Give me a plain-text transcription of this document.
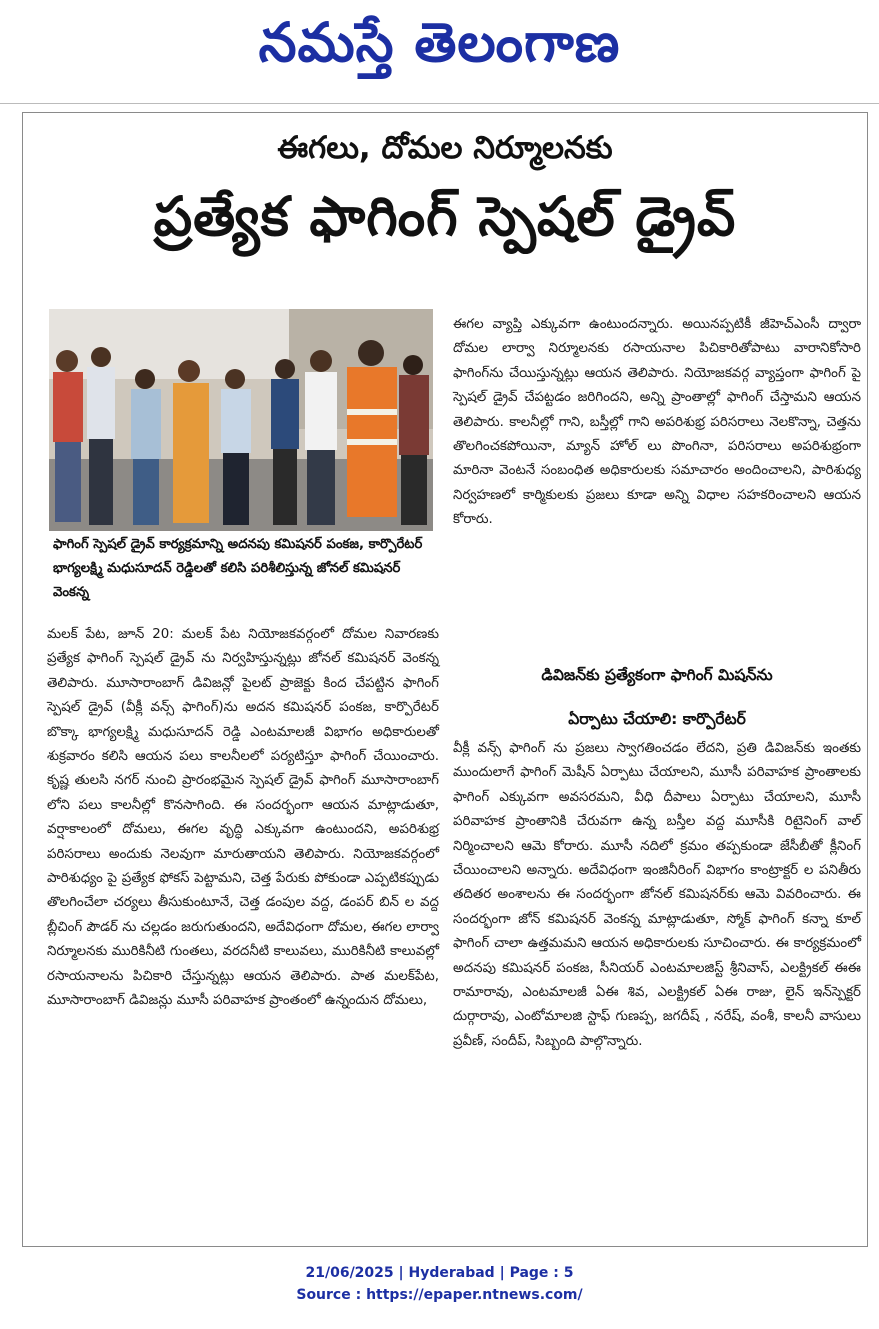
నమస్తే తెలంగాణ
ఈగలు, దోమల నిర్మూలనకు
ప్రత్యేక ఫాగింగ్ స్పెషల్ డ్రైవ్
ఫాగింగ్ స్పెషల్ డ్రైవ్ కార్యక్రమాన్ని అదనపు కమిషనర్ పంకజ, కార్పొరేటర్ భాగ్యలక్ష్మి మధుసూదన్ రెడ్డిలతో కలిసి పరిశీలిస్తున్న జోనల్ కమిషనర్ వెంకన్న

మలక్ పేట, జూన్ 20: మలక్ పేట నియోజకవర్గంలో దోమల నివారణకు ప్రత్యేక ఫాగింగ్ స్పెషల్ డ్రైవ్ ను నిర్వహిస్తున్నట్లు జోనల్ కమిషనర్ వెంకన్న తెలిపారు. మూసారాంబాగ్ డివిజన్లో పైలట్ ప్రాజెక్టు కింద చేపట్టిన ఫాగింగ్ స్పెషల్ డ్రైవ్ (వీక్లీ వన్స్ ఫాగింగ్)ను అదన కమిషనర్ పంకజ, కార్పొరేటర్ బొక్కా భాగ్యలక్ష్మి మధుసూదన్ రెడ్డి ఎంటమాలజీ విభాగం అధికారులతో శుక్రవారం కలిసి ఆయన పలు కాలనీలలో పర్యటిస్తూ ఫాగింగ్ చేయించారు. కృష్ణ తులసి నగర్ నుంచి ప్రారంభమైన స్పెషల్ డ్రైవ్ ఫాగింగ్ మూసారాంబాగ్ లోని పలు కాలనీల్లో కొనసాగింది. ఈ సందర్భంగా ఆయన మాట్లాడుతూ, వర్షాకాలంలో దోమలు, ఈగల వృద్ధి ఎక్కువగా ఉంటుందని, అపరిశుభ్ర పరిసరాలు అందుకు నెలవుగా మారుతాయని తెలిపారు. నియోజకవర్గంలో పారిశుధ్యం పై ప్రత్యేక ఫోకస్ పెట్టామని, చెత్త పేరుకు పోకుండా ఎప్పటికప్పుడు తొలగించేలా చర్యలు తీసుకుంటూనే, చెత్త డంపుల వద్ద, డంపర్ బిన్ ల వద్ద బ్లీచింగ్ పౌడర్ ను చల్లడం జరుగుతుందని, అదేవిధంగా దోమల, ఈగల లార్వా నిర్మూలనకు మురికినీటి గుంతలు, వరదనీటి కాలువలు, మురికినీటి కాలువల్లో రసాయనాలను పిచికారి చేస్తున్నట్లు ఆయన తెలిపారు. పాత మలక్‌పేట, మూసారాంబాగ్ డివిజన్లు మూసీ పరివాహక ప్రాంతంలో ఉన్నందున దోమలు,

ఈగల వ్యాప్తి ఎక్కువగా ఉంటుందన్నారు. అయినప్పటికీ జీహెచ్ఎంసీ ద్వారా దోమల లార్వా నిర్మూలనకు రసాయనాల పిచికారితోపాటు వారానికోసారి ఫాగింగ్‌ను చేయిస్తున్నట్లు ఆయన తెలిపారు. నియోజకవర్గ వ్యాప్తంగా ఫాగింగ్ పై స్పెషల్ డ్రైవ్ చేపట్టడం జరిగిందని, అన్ని ప్రాంతాల్లో ఫాగింగ్ చేస్తామని ఆయన తెలిపారు. కాలనీల్లో గాని, బస్తీల్లో గాని అపరిశుభ్ర పరిసరాలు నెలకొన్నా, చెత్తను తొలగించకపోయినా, మ్యాన్ హోల్ లు పొంగినా, పరిసరాలు అపరిశుభ్రంగా మారినా వెంటనే సంబంధిత అధికారులకు సమాచారం అందించాలని, పారిశుధ్య నిర్వహణలో కార్మికులకు ప్రజలు కూడా అన్ని విధాల సహకరించాలని ఆయన కోరారు.

డివిజన్‌కు ప్రత్యేకంగా ఫాగింగ్ మిషన్‌ను
ఏర్పాటు చేయాలి: కార్పొరేటర్

వీక్లీ వన్స్ ఫాగింగ్ ను ప్రజలు స్వాగతించడం లేదని, ప్రతి డివిజన్‌కు ఇంతకు ముందులాగే ఫాగింగ్ మెషీన్ ఏర్పాటు చేయాలని, మూసీ పరివాహక ప్రాంతాలకు ఫాగింగ్ ఎక్కువగా అవసరమని, వీధి దీపాలు ఏర్పాటు చేయాలని, మూసీ పరివాహక ప్రాంతానికి చేరువగా ఉన్న బస్తీల వద్ద మూసీకి రిటైనింగ్ వాల్ నిర్మించాలని ఆమె కోరారు. మూసీ నదిలో క్రమం తప్పకుండా జేసీబీతో క్లీనింగ్ చేయించాలని అన్నారు. అదేవిధంగా ఇంజినీరింగ్ విభాగం కాంట్రాక్టర్ ల పనితీరు తదితర అంశాలను ఈ సందర్భంగా జోనల్ కమిషనర్‌కు ఆమె వివరించారు. ఈ సందర్భంగా జోన్ కమిషనర్ వెంకన్న మాట్లాడుతూ, స్మోక్ ఫాగింగ్ కన్నా కూల్ ఫాగింగ్ చాలా ఉత్తమమని ఆయన అధికారులకు సూచించారు. ఈ కార్యక్రమంలో అదనపు కమిషనర్ పంకజ, సీనియర్ ఎంటమాలజిస్ట్ శ్రీనివాస్, ఎలక్ట్రికల్ ఈఈ రామారావు, ఎంటమాలజీ ఏఈ శివ, ఎలక్ట్రికల్ ఏఈ రాజు, లైన్ ఇన్‌స్పెక్టర్ దుర్గారావు, ఎంటోమాలజి స్టాఫ్ గుణప్ప, జగదీష్ , నరేష్, వంశీ, కాలనీ వాసులు ప్రవీణ్, సందీప్, సిబ్బంది పాల్గొన్నారు.

21/06/2025 | Hyderabad | Page : 5
Source : https://epaper.ntnews.com/
